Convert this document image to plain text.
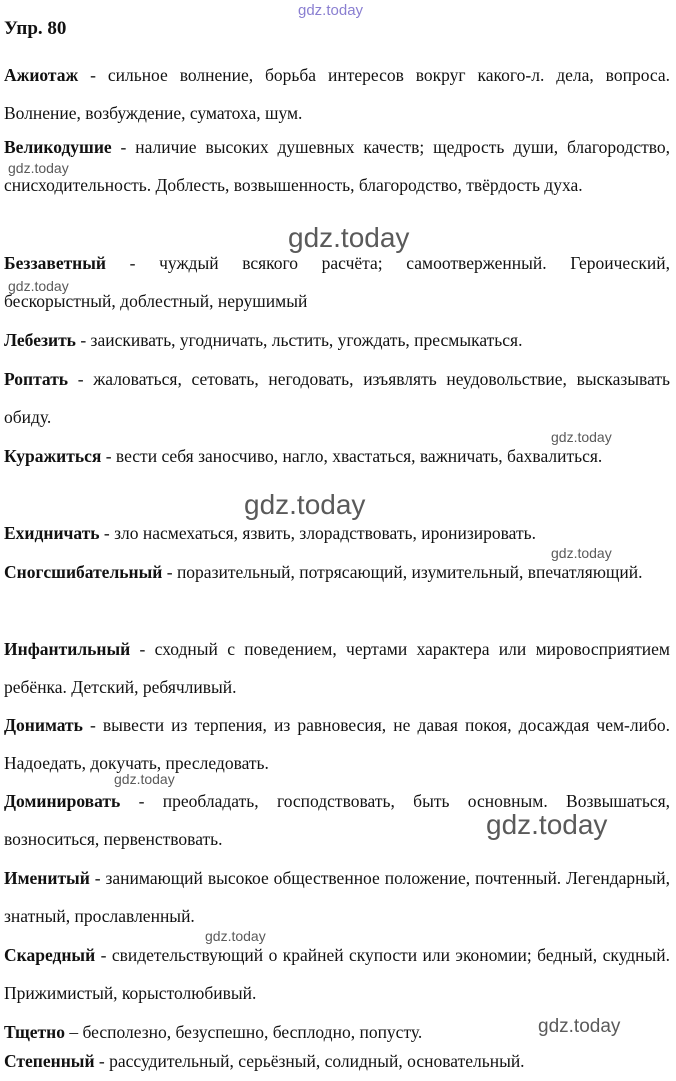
Упр. 80
Ажиотаж - сильное волнение, борьба интересов вокруг какого-л. дела, вопроса. Волнение, возбуждение, суматоха, шум.
Великодушие - наличие высоких душевных качеств; щедрость души, благородство, снисходительность. Доблесть, возвышенность, благородство, твёрдость духа.
Беззаветный - чуждый всякого расчёта; самоотверженный. Героический, бескорыстный, доблестный, нерушимый
Лебезить - заискивать, угодничать, льстить, угождать, пресмыкаться.
Роптать - жаловаться, сетовать, негодовать, изъявлять неудовольствие, высказывать обиду.
Куражиться - вести себя заносчиво, нагло, хвастаться, важничать, бахвалиться.
Ехидничать - зло насмехаться, язвить, злорадствовать, иронизировать.
Сногсшибательный - поразительный, потрясающий, изумительный, впечатляющий.
Инфантильный - сходный с поведением, чертами характера или мировосприятием ребёнка. Детский, ребячливый.
Донимать - вывести из терпения, из равновесия, не давая покоя, досаждая чем-либо. Надоедать, докучать, преследовать.
Доминировать - преобладать, господствовать, быть основным. Возвышаться, возноситься, первенствовать.
Именитый - занимающий высокое общественное положение, почтенный. Легендарный, знатный, прославленный.
Скаредный - свидетельствующий о крайней скупости или экономии; бедный, скудный. Прижимистый, корыстолюбивый.
Тщетно – бесполезно, безуспешно, бесплодно, попусту.
Степенный - рассудительный, серьёзный, солидный, основательный.
gdz.today
gdz.today
gdz.today
gdz.today
gdz.today
gdz.today
gdz.today
gdz.today
gdz.today
gdz.today
gdz.today
